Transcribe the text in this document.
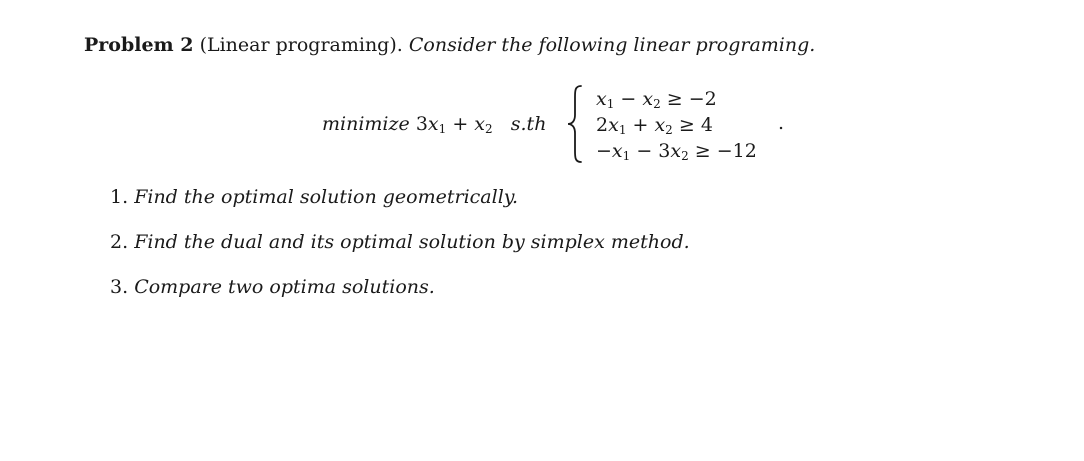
Problem 2 (Linear programing). Consider the following linear programing.
minimize $3x_1 + x_2$ s.th
$x_1 - x_2 \ge -2$
$2x_1 + x_2 \ge 4$
$-x_1 - 3x_2 \ge -12$
.
1. Find the optimal solution geometrically.
2. Find the dual and its optimal solution by simplex method.
3. Compare two optima solutions.
